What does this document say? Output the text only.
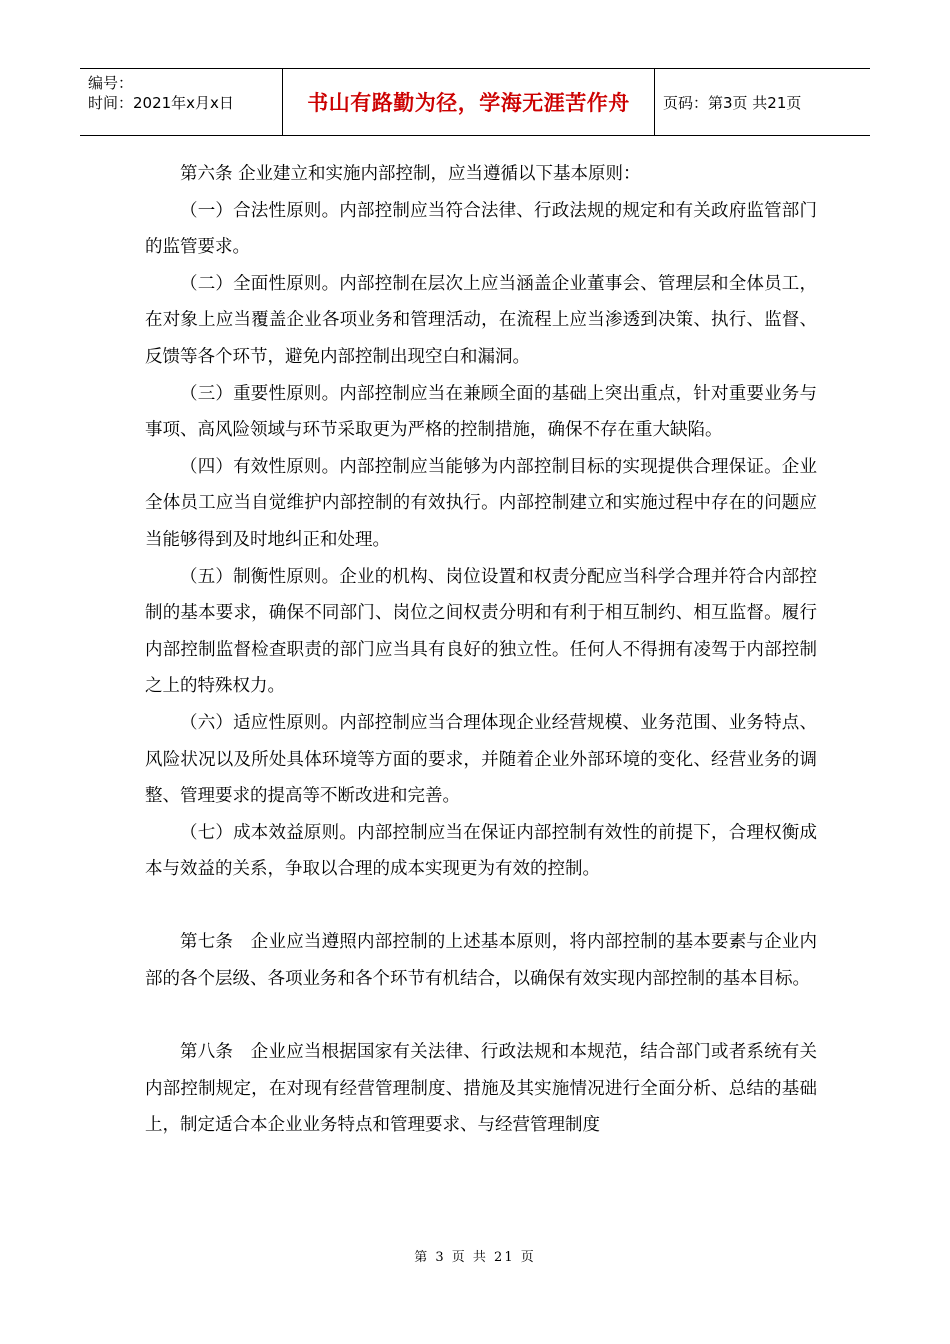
编号：
时间：2021年x月x日	书山有路勤为径，学海无涯苦作舟	页码：第3页 共21页

第六条 企业建立和实施内部控制，应当遵循以下基本原则：

（一）合法性原则。内部控制应当符合法律、行政法规的规定和有关政府监管部门的监管要求。

（二）全面性原则。内部控制在层次上应当涵盖企业董事会、管理层和全体员工，在对象上应当覆盖企业各项业务和管理活动，在流程上应当渗透到决策、执行、监督、反馈等各个环节，避免内部控制出现空白和漏洞。

（三）重要性原则。内部控制应当在兼顾全面的基础上突出重点，针对重要业务与事项、高风险领域与环节采取更为严格的控制措施，确保不存在重大缺陷。

（四）有效性原则。内部控制应当能够为内部控制目标的实现提供合理保证。企业全体员工应当自觉维护内部控制的有效执行。内部控制建立和实施过程中存在的问题应当能够得到及时地纠正和处理。

（五）制衡性原则。企业的机构、岗位设置和权责分配应当科学合理并符合内部控制的基本要求，确保不同部门、岗位之间权责分明和有利于相互制约、相互监督。履行内部控制监督检查职责的部门应当具有良好的独立性。任何人不得拥有凌驾于内部控制之上的特殊权力。

（六）适应性原则。内部控制应当合理体现企业经营规模、业务范围、业务特点、风险状况以及所处具体环境等方面的要求，并随着企业外部环境的变化、经营业务的调整、管理要求的提高等不断改进和完善。

（七）成本效益原则。内部控制应当在保证内部控制有效性的前提下，合理权衡成本与效益的关系，争取以合理的成本实现更为有效的控制。

第七条　企业应当遵照内部控制的上述基本原则，将内部控制的基本要素与企业内部的各个层级、各项业务和各个环节有机结合，以确保有效实现内部控制的基本目标。

第八条　企业应当根据国家有关法律、行政法规和本规范，结合部门或者系统有关内部控制规定，在对现有经营管理制度、措施及其实施情况进行全面分析、总结的基础上，制定适合本企业业务特点和管理要求、与经营管理制度

第 3 页 共 21 页
